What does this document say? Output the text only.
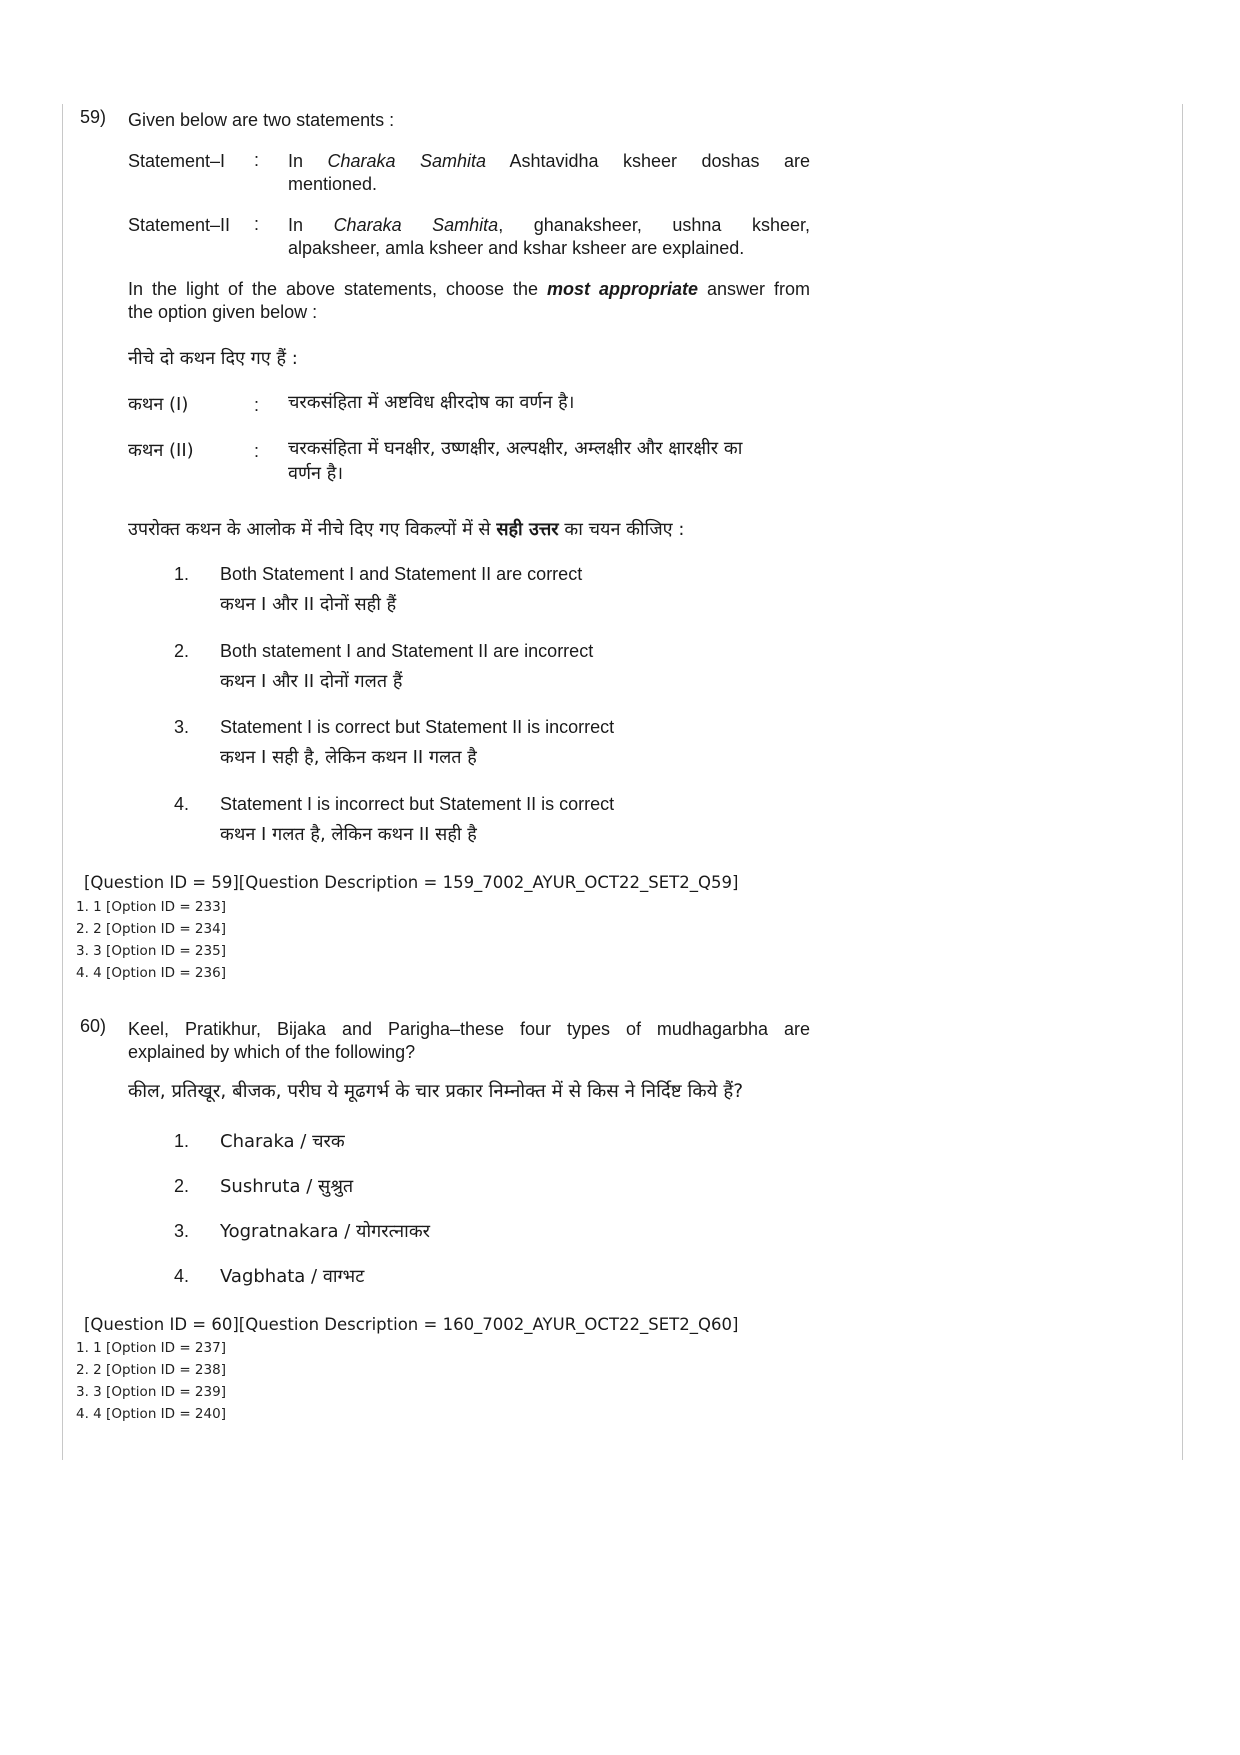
59) Given below are two statements :
Statement–I : In Charaka Samhita Ashtavidha ksheer doshas are
mentioned.
Statement–II : In Charaka Samhita, ghanaksheer, ushna ksheer,
alpaksheer, amla ksheer and kshar ksheer are explained.
In the light of the above statements, choose the most appropriate answer from
the option given below :
नीचे दो कथन दिए गए हैं :
कथन (I)	: चरकसंहिता में अष्टविध क्षीरदोष का वर्णन है।
कथन (II)	: चरकसंहिता में घनक्षीर, उष्णक्षीर, अल्पक्षीर, अम्लक्षीर और क्षारक्षीर का
वर्णन है।
उपरोक्त कथन के आलोक में नीचे दिए गए विकल्पों में से सही उत्तर का चयन कीजिए :
1. Both Statement I and Statement II are correct
कथन I और II दोनों सही हैं
2. Both statement I and Statement II are incorrect
कथन I और II दोनों गलत हैं
3. Statement I is correct but Statement II is incorrect
कथन I सही है, लेकिन कथन II गलत है
4. Statement I is incorrect but Statement II is correct
कथन I गलत है, लेकिन कथन II सही है
[Question ID = 59][Question Description = 159_7002_AYUR_OCT22_SET2_Q59]
1. 1 [Option ID = 233]
2. 2 [Option ID = 234]
3. 3 [Option ID = 235]
4. 4 [Option ID = 236]
60) Keel, Pratikhur, Bijaka and Parigha–these four types of mudhagarbha are
explained by which of the following?
कील, प्रतिखूर, बीजक, परीघ ये मूढगर्भ के चार प्रकार निम्नोक्त में से किस ने निर्दिष्ट किये हैं?
1. Charaka / चरक
2. Sushruta / सुश्रुत
3. Yogratnakara / योगरत्नाकर
4. Vagbhata / वाग्भट
[Question ID = 60][Question Description = 160_7002_AYUR_OCT22_SET2_Q60]
1. 1 [Option ID = 237]
2. 2 [Option ID = 238]
3. 3 [Option ID = 239]
4. 4 [Option ID = 240]
